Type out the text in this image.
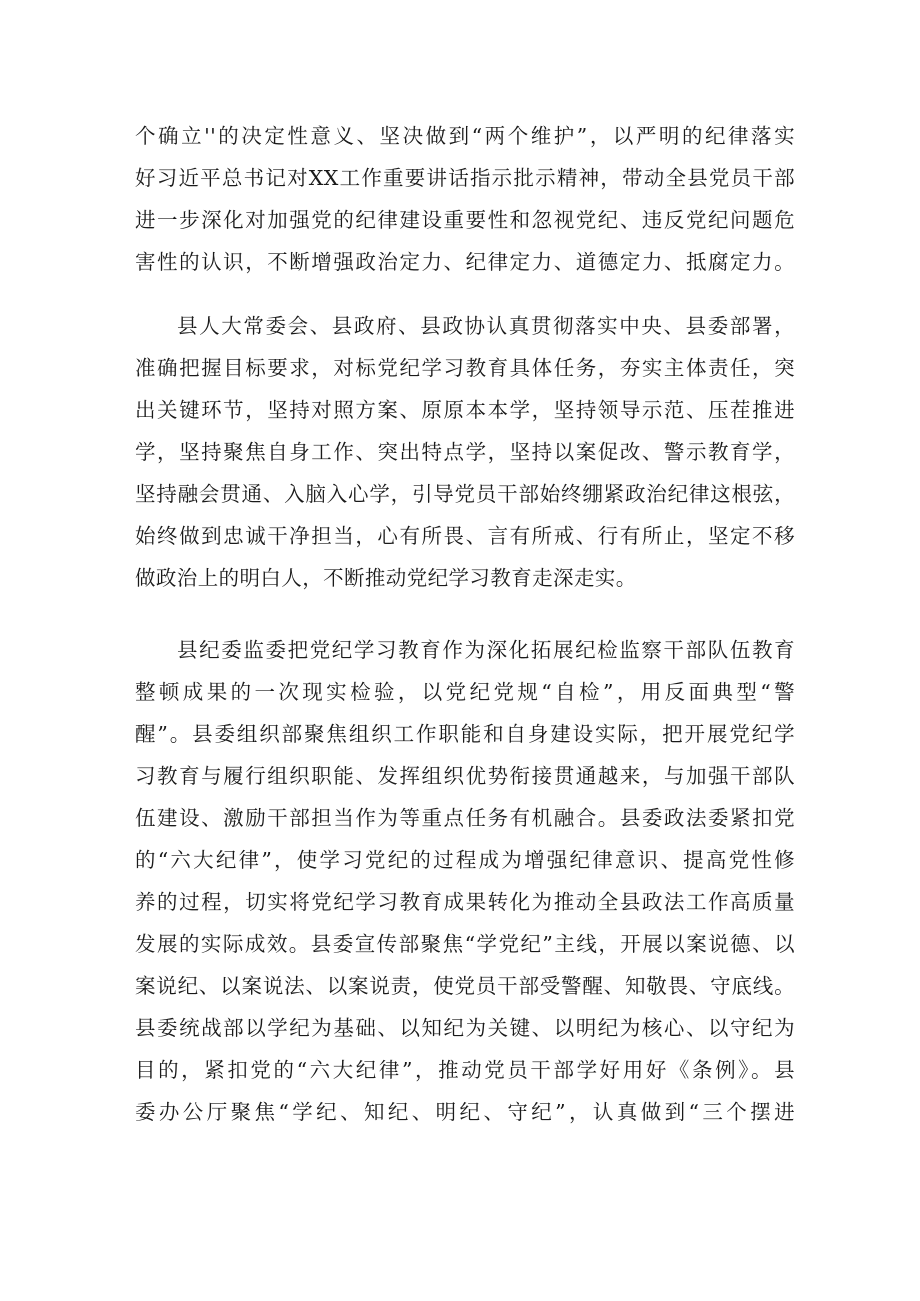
个确立''的决定性意义、坚决做到“两个维护”，以严明的纪律落实
好习近平总书记对XX工作重要讲话指示批示精神，带动全县党员干部
进一步深化对加强党的纪律建设重要性和忽视党纪、违反党纪问题危
害性的认识，不断增强政治定力、纪律定力、道德定力、抵腐定力。
县人大常委会、县政府、县政协认真贯彻落实中央、县委部署，
准确把握目标要求，对标党纪学习教育具体任务，夯实主体责任，突
出关键环节，坚持对照方案、原原本本学，坚持领导示范、压茬推进
学，坚持聚焦自身工作、突出特点学，坚持以案促改、警示教育学，
坚持融会贯通、入脑入心学，引导党员干部始终绷紧政治纪律这根弦，
始终做到忠诚干净担当，心有所畏、言有所戒、行有所止，坚定不移
做政治上的明白人，不断推动党纪学习教育走深走实。
县纪委监委把党纪学习教育作为深化拓展纪检监察干部队伍教育
整顿成果的一次现实检验，以党纪党规“自检”，用反面典型“警
醒”。县委组织部聚焦组织工作职能和自身建设实际，把开展党纪学
习教育与履行组织职能、发挥组织优势衔接贯通越来，与加强干部队
伍建设、激励干部担当作为等重点任务有机融合。县委政法委紧扣党
的“六大纪律”，使学习党纪的过程成为增强纪律意识、提高党性修
养的过程，切实将党纪学习教育成果转化为推动全县政法工作高质量
发展的实际成效。县委宣传部聚焦“学党纪”主线，开展以案说德、以
案说纪、以案说法、以案说责，使党员干部受警醒、知敬畏、守底线。
县委统战部以学纪为基础、以知纪为关键、以明纪为核心、以守纪为
目的，紧扣党的“六大纪律”，推动党员干部学好用好《条例》。县
委办公厅聚焦“学纪、知纪、明纪、守纪”，认真做到“三个摆进
